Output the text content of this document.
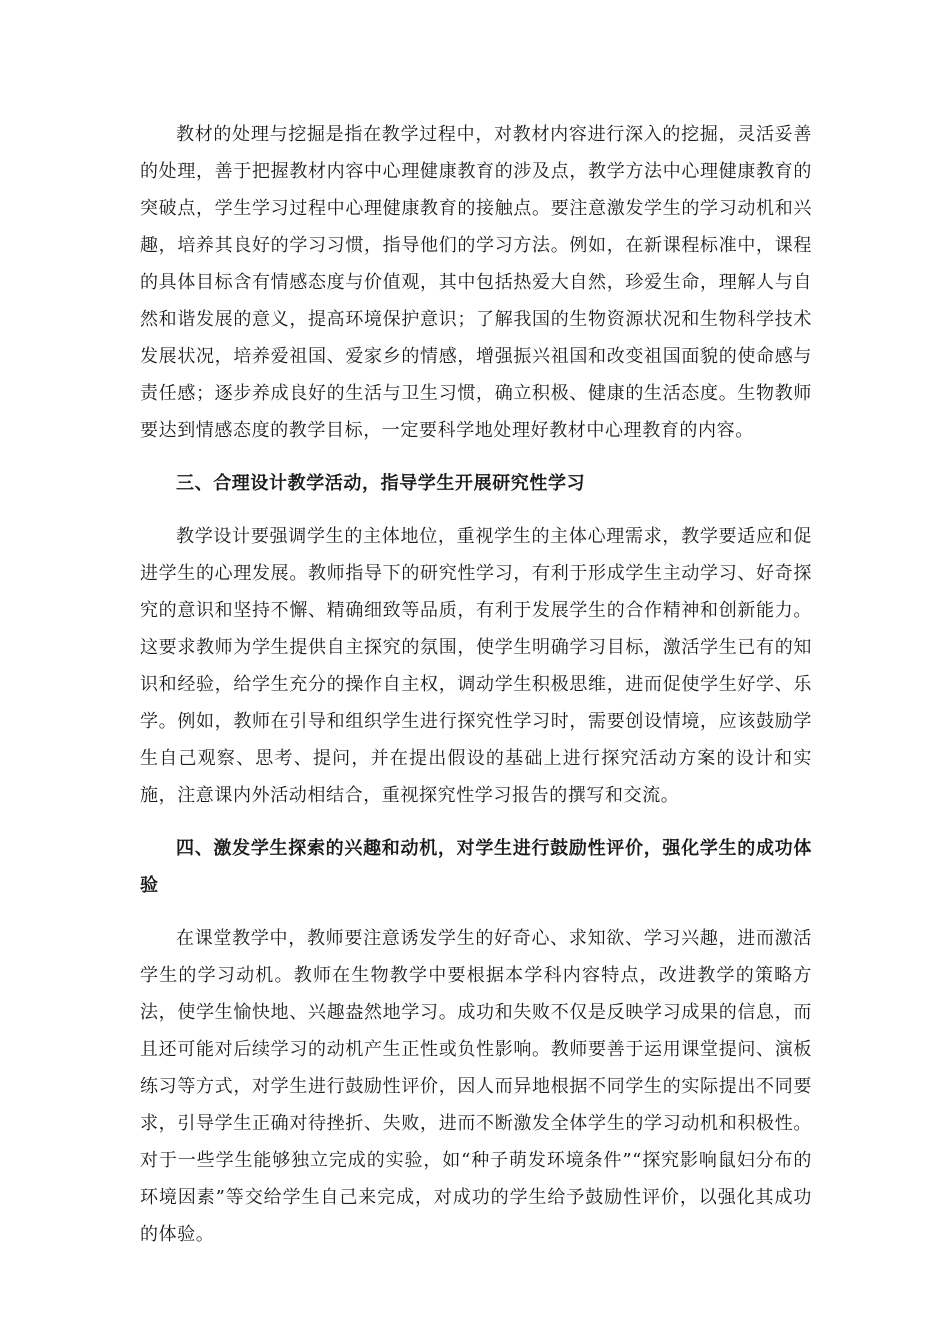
教材的处理与挖掘是指在教学过程中，对教材内容进行深入的挖掘，灵活妥善的处理，善于把握教材内容中心理健康教育的涉及点，教学方法中心理健康教育的突破点，学生学习过程中心理健康教育的接触点。要注意激发学生的学习动机和兴趣，培养其良好的学习习惯，指导他们的学习方法。例如，在新课程标准中，课程的具体目标含有情感态度与价值观，其中包括热爱大自然，珍爱生命，理解人与自然和谐发展的意义，提高环境保护意识；了解我国的生物资源状况和生物科学技术发展状况，培养爱祖国、爱家乡的情感，增强振兴祖国和改变祖国面貌的使命感与责任感；逐步养成良好的生活与卫生习惯，确立积极、健康的生活态度。生物教师要达到情感态度的教学目标，一定要科学地处理好教材中心理教育的内容。

三、合理设计教学活动，指导学生开展研究性学习

教学设计要强调学生的主体地位，重视学生的主体心理需求，教学要适应和促进学生的心理发展。教师指导下的研究性学习，有利于形成学生主动学习、好奇探究的意识和坚持不懈、精确细致等品质，有利于发展学生的合作精神和创新能力。这要求教师为学生提供自主探究的氛围，使学生明确学习目标，激活学生已有的知识和经验，给学生充分的操作自主权，调动学生积极思维，进而促使学生好学、乐学。例如，教师在引导和组织学生进行探究性学习时，需要创设情境，应该鼓励学生自己观察、思考、提问，并在提出假设的基础上进行探究活动方案的设计和实施，注意课内外活动相结合，重视探究性学习报告的撰写和交流。

四、激发学生探索的兴趣和动机，对学生进行鼓励性评价，强化学生的成功体验

在课堂教学中，教师要注意诱发学生的好奇心、求知欲、学习兴趣，进而激活学生的学习动机。教师在生物教学中要根据本学科内容特点，改进教学的策略方法，使学生愉快地、兴趣盎然地学习。成功和失败不仅是反映学习成果的信息，而且还可能对后续学习的动机产生正性或负性影响。教师要善于运用课堂提问、演板练习等方式，对学生进行鼓励性评价，因人而异地根据不同学生的实际提出不同要求，引导学生正确对待挫折、失败，进而不断激发全体学生的学习动机和积极性。对于一些学生能够独立完成的实验，如“种子萌发环境条件”“探究影响鼠妇分布的环境因素”等交给学生自己来完成，对成功的学生给予鼓励性评价，以强化其成功的体验。
